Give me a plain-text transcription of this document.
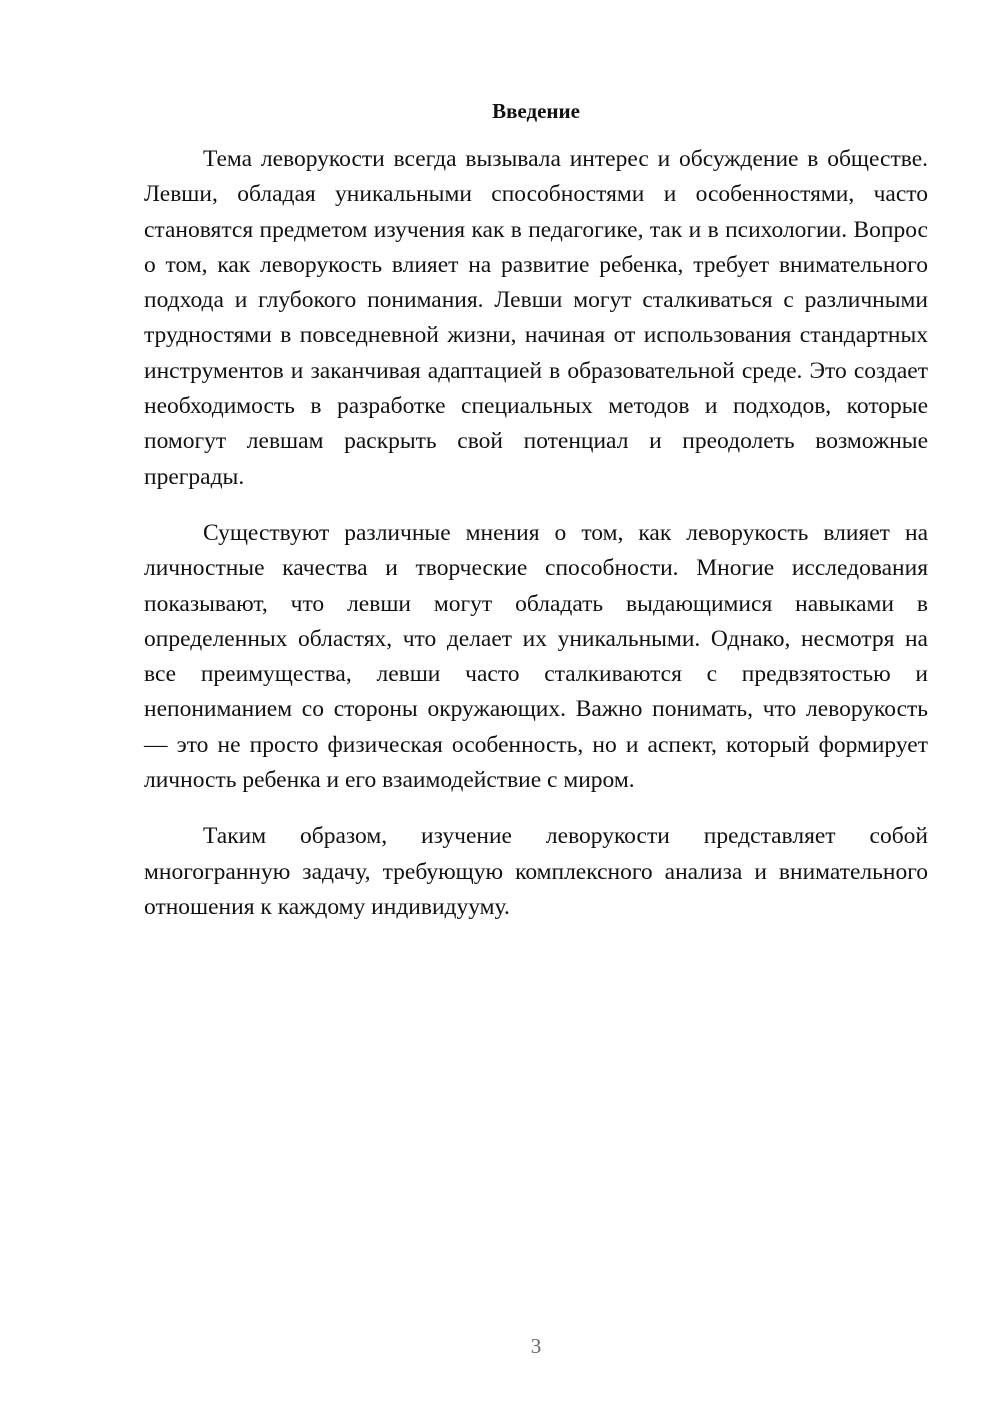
Введение

Тема леворукости всегда вызывала интерес и обсуждение в обществе. Левши, обладая уникальными способностями и особенностями, часто становятся предметом изучения как в педагогике, так и в психологии. Вопрос о том, как леворукость влияет на развитие ребенка, требует внимательного подхода и глубокого понимания. Левши могут сталкиваться с различными трудностями в повседневной жизни, начиная от использования стандартных инструментов и заканчивая адаптацией в образовательной среде. Это создает необходимость в разработке специальных методов и подходов, которые помогут левшам раскрыть свой потенциал и преодолеть возможные преграды.

Существуют различные мнения о том, как леворукость влияет на личностные качества и творческие способности. Многие исследования показывают, что левши могут обладать выдающимися навыками в определенных областях, что делает их уникальными. Однако, несмотря на все преимущества, левши часто сталкиваются с предвзятостью и непониманием со стороны окружающих. Важно понимать, что леворукость — это не просто физическая особенность, но и аспект, который формирует личность ребенка и его взаимодействие с миром.

Таким образом, изучение леворукости представляет собой многогранную задачу, требующую комплексного анализа и внимательного отношения к каждому индивидууму.

3
